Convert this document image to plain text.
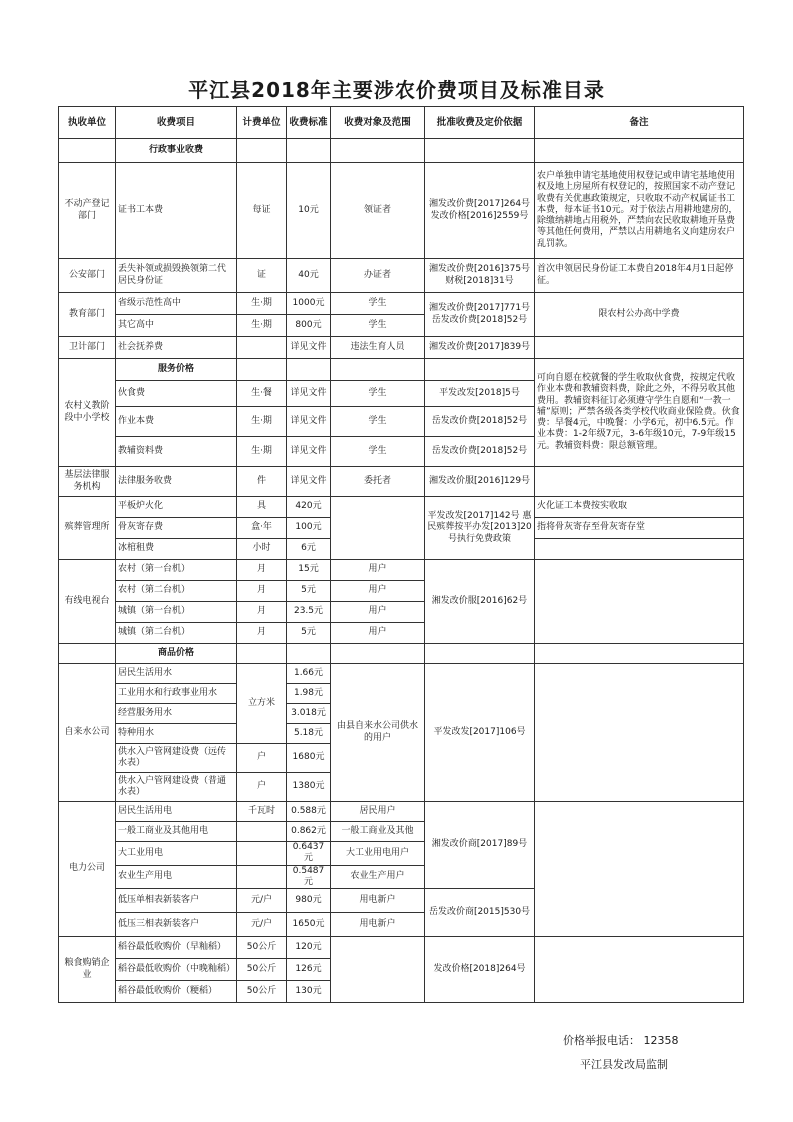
平江县2018年主要涉农价费项目及标准目录
执收单位	收费项目	计费单位	收费标准	收费对象及范围	批准收费及定价依据	备注
	行政事业收费					
不动产登记部门	证书工本费	每证	10元	领证者	湘发改价费[2017]264号 发改价格[2016]2559号	农户单独申请宅基地使用权登记或申请宅基地使用权及地上房屋所有权登记的，按照国家不动产登记收费有关优惠政策规定，只收取不动产权属证书工本费，每本证书10元。对于依法占用耕地建房的，除缴纳耕地占用税外，严禁向农民收取耕地开垦费等其他任何费用，严禁以占用耕地名义向建房农户乱罚款。
公安部门	丢失补领或损毁换领第二代居民身份证	证	40元	办证者	湘发改价费[2016]375号 财税[2018]31号	首次申领居民身份证工本费自2018年4月1日起停征。
教育部门	省级示范性高中	生·期	1000元	学生	湘发改价费[2017]771号 岳发改价费[2018]52号	限农村公办高中学费
	其它高中	生·期	800元	学生		
卫计部门	社会抚养费		详见文件	违法生育人员	湘发改价费[2017]839号	
农村义教阶段中小学校	服务价格					可向自愿在校就餐的学生收取伙食费，按规定代收作业本费和教辅资料费，除此之外，不得另收其他费用。教辅资料征订必须遵守学生自愿和“一教一辅”原则；严禁各级各类学校代收商业保险费。伙食费：早餐4元，中晚餐：小学6元，初中6.5元。作业本费：1-2年级7元，3-6年级10元，7-9年级15元。教辅资料费：限总额管理。
	伙食费	生·餐	详见文件	学生	平发改发[2018]5号	
	作业本费	生·期	详见文件	学生	岳发改价费[2018]52号	
	教辅资料费	生·期	详见文件	学生	岳发改价费[2018]52号	
基层法律服务机构	法律服务收费	件	详见文件	委托者	湘发改价服[2016]129号	
殡葬管理所	平板炉火化	具	420元		平发改发[2017]142号 惠民殡葬按平办发[2013]20号执行免费政策	火化证工本费按实收取
	骨灰寄存费	盒·年	100元			指将骨灰寄存至骨灰寄存堂
	冰棺租费	小时	6元			
有线电视台	农村（第一台机）	月	15元	用户	湘发改价服[2016]62号	
	农村（第二台机）	月	5元	用户		
	城镇（第一台机）	月	23.5元	用户		
	城镇（第二台机）	月	5元	用户		
	商品价格					
自来水公司	居民生活用水	立方米	1.66元	由县自来水公司供水的用户	平发改发[2017]106号	
	工业用水和行政事业用水		1.98元			
	经营服务用水		3.018元			
	特种用水		5.18元			
	供水入户管网建设费（远传水表）	户	1680元			
	供水入户管网建设费（普通水表）	户	1380元			
电力公司	居民生活用电	千瓦时	0.588元	居民用户	湘发改价商[2017]89号	
	一般工商业及其他用电		0.862元	一般工商业及其他		
	大工业用电		0.6437元	大工业用电用户		
	农业生产用电		0.5487元	农业生产用户		
	低压单相表新装客户	元/户	980元	用电新户	岳发改价商[2015]530号	
	低压三相表新装客户	元/户	1650元	用电新户		
粮食购销企业	稻谷最低收购价（早籼稻）	50公斤	120元		发改价格[2018]264号	
	稻谷最低收购价（中晚籼稻）	50公斤	126元			
	稻谷最低收购价（粳稻）	50公斤	130元			
价格举报电话： 12358
平江县发改局监制
